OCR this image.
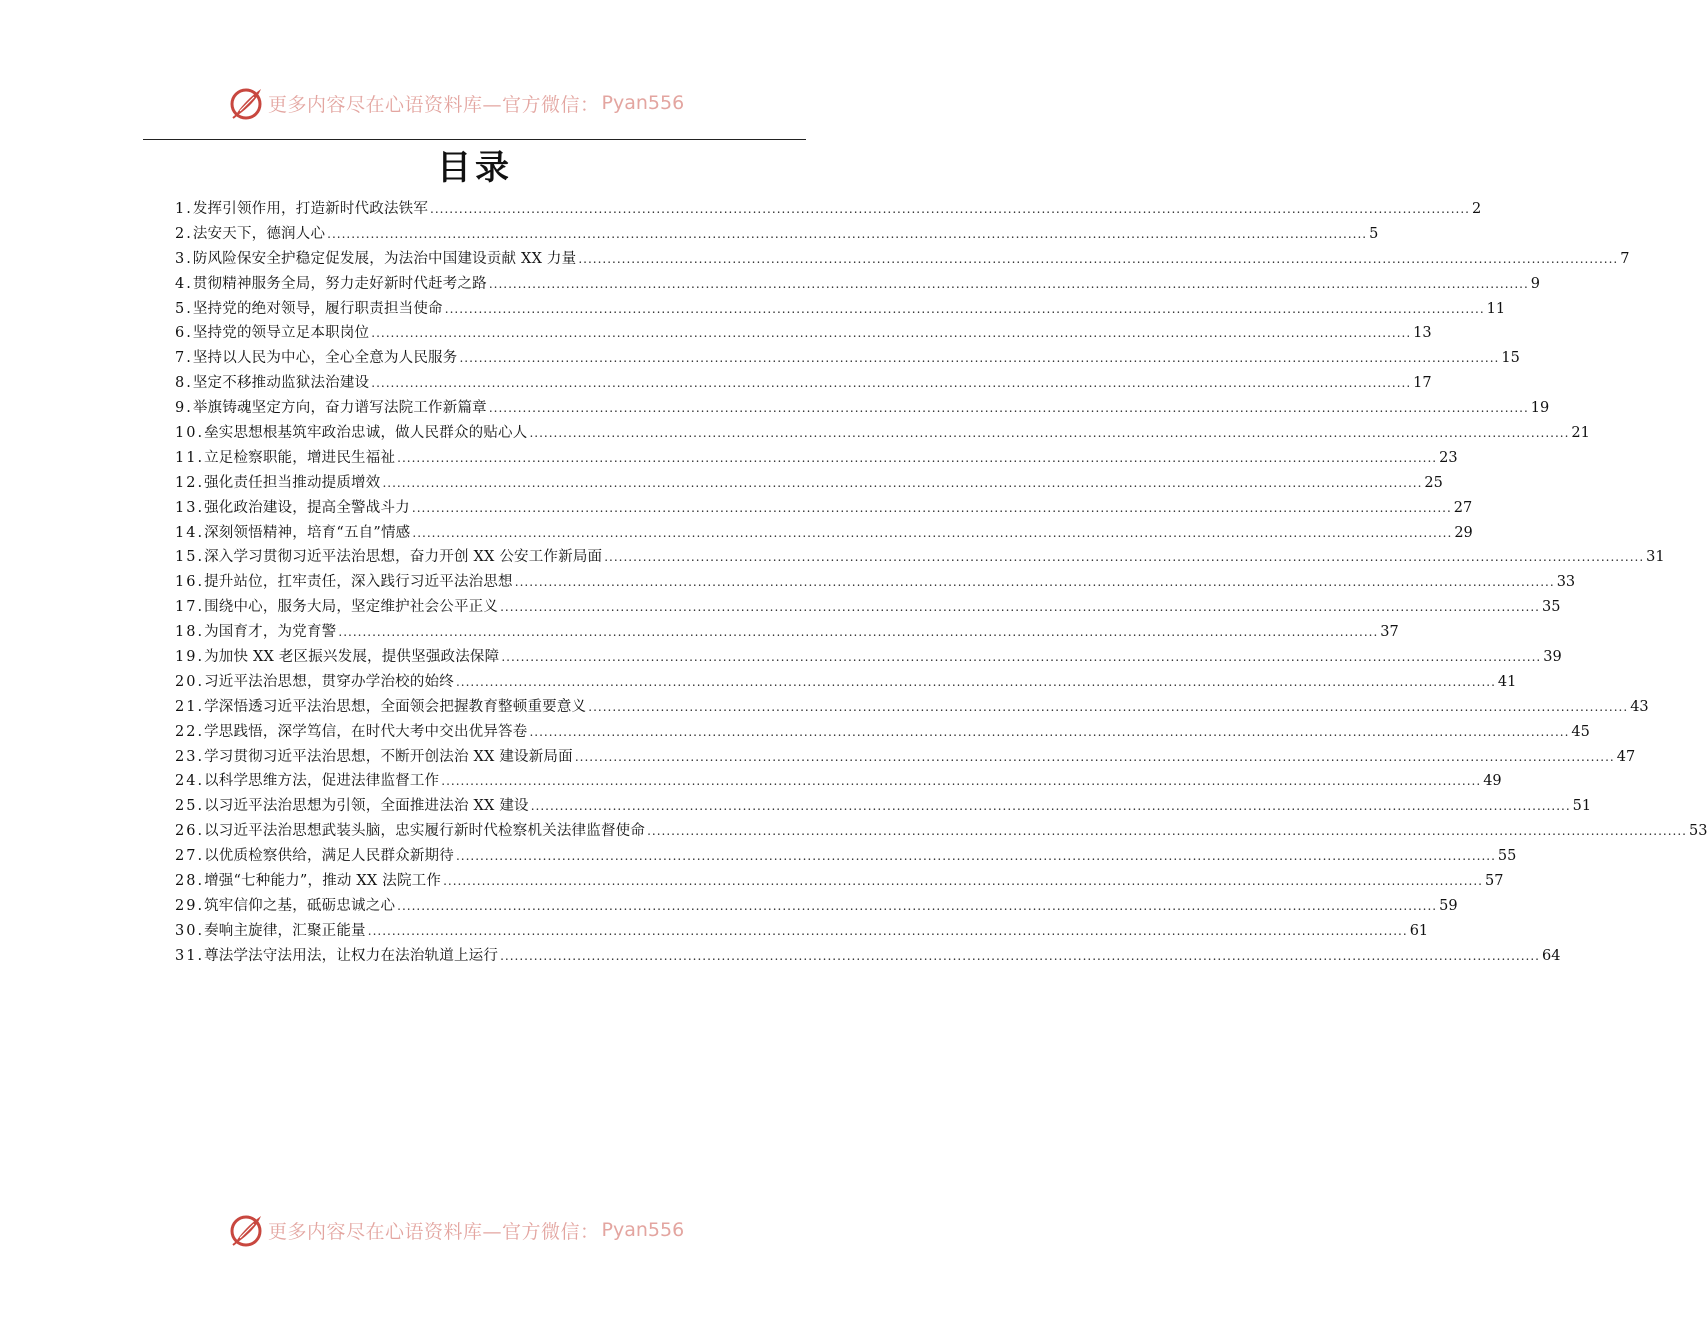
更多内容尽在心语资料库—官方微信： Pyan556
目录
1.发挥引领作用，打造新时代政法铁军 .....	2
2.法安天下，德润人心 .....	5
3.防风险保安全护稳定促发展，为法治中国建设贡献 XX 力量 .....	7
4.贯彻精神服务全局，努力走好新时代赶考之路 .....	9
5.坚持党的绝对领导，履行职责担当使命 .....	11
6.坚持党的领导立足本职岗位 .....	13
7.坚持以人民为中心，全心全意为人民服务 .....	15
8.坚定不移推动监狱法治建设 .....	17
9.举旗铸魂坚定方向，奋力谱写法院工作新篇章 .....	19
10.垒实思想根基筑牢政治忠诚，做人民群众的贴心人 .....	21
11.立足检察职能，增进民生福祉 .....	23
12.强化责任担当推动提质增效 .....	25
13.强化政治建设，提高全警战斗力 .....	27
14.深刻领悟精神，培育“五自”情感 .....	29
15.深入学习贯彻习近平法治思想，奋力开创 XX 公安工作新局面 .....	31
16.提升站位，扛牢责任，深入践行习近平法治思想 .....	33
17.围绕中心，服务大局，坚定维护社会公平正义 .....	35
18.为国育才，为党育警 .....	37
19.为加快 XX 老区振兴发展，提供坚强政法保障 .....	39
20.习近平法治思想，贯穿办学治校的始终 .....	41
21.学深悟透习近平法治思想，全面领会把握教育整顿重要意义 .....	43
22.学思践悟，深学笃信，在时代大考中交出优异答卷 .....	45
23.学习贯彻习近平法治思想，不断开创法治 XX 建设新局面 .....	47
24.以科学思维方法，促进法律监督工作 .....	49
25.以习近平法治思想为引领，全面推进法治 XX 建设 .....	51
26.以习近平法治思想武装头脑，忠实履行新时代检察机关法律监督使命 .....	53
27.以优质检察供给，满足人民群众新期待 .....	55
28.增强“七种能力”，推动 XX 法院工作 .....	57
29.筑牢信仰之基，砥砺忠诚之心 .....	59
30.奏响主旋律，汇聚正能量 .....	61
31.尊法学法守法用法，让权力在法治轨道上运行 .....	64
更多内容尽在心语资料库—官方微信： Pyan556
